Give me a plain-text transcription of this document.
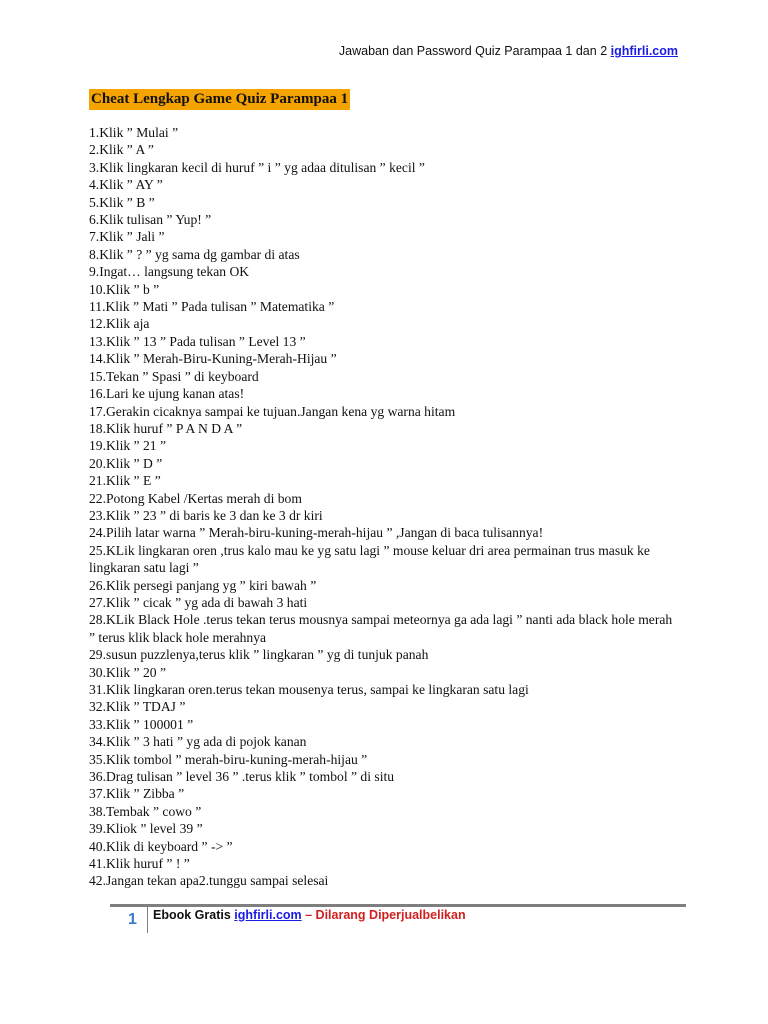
Jawaban dan Password Quiz Parampaa 1 dan 2 ighfirli.com
Cheat Lengkap Game Quiz Parampaa 1
1.Klik ” Mulai ”
2.Klik ” A ”
3.Klik lingkaran kecil di huruf ” i ” yg adaa ditulisan ” kecil ”
4.Klik ” AY ”
5.Klik ” B ”
6.Klik tulisan ” Yup! ”
7.Klik ” Jali ”
8.Klik ” ? ” yg sama dg gambar di atas
9.Ingat… langsung tekan OK
10.Klik ” b ”
11.Klik ” Mati ” Pada tulisan ” Matematika ”
12.Klik aja
13.Klik ” 13 ” Pada tulisan ” Level 13 ”
14.Klik ” Merah-Biru-Kuning-Merah-Hijau ”
15.Tekan ” Spasi ” di keyboard
16.Lari ke ujung kanan atas!
17.Gerakin cicaknya sampai ke tujuan.Jangan kena yg warna hitam
18.Klik huruf ” P A N D A ”
19.Klik ” 21 ”
20.Klik ” D ”
21.Klik ” E ”
22.Potong Kabel /Kertas merah di bom
23.Klik ” 23 ” di baris ke 3 dan ke 3 dr kiri
24.Pilih latar warna ” Merah-biru-kuning-merah-hijau ” ,Jangan di baca tulisannya!
25.KLik lingkaran oren ,trus kalo mau ke yg satu lagi ” mouse keluar dri area permainan trus masuk ke lingkaran satu lagi ”
26.Klik persegi panjang yg ” kiri bawah ”
27.Klik ” cicak ” yg ada di bawah 3 hati
28.KLik Black Hole .terus tekan terus mousnya sampai meteornya ga ada lagi ” nanti ada black hole merah ” terus klik black hole merahnya
29.susun puzzlenya,terus klik ” lingkaran ” yg di tunjuk panah
30.Klik ” 20 ”
31.Klik lingkaran oren.terus tekan mousenya terus, sampai ke lingkaran satu lagi
32.Klik ” TDAJ ”
33.Klik ” 100001 ”
34.Klik ” 3 hati ” yg ada di pojok kanan
35.Klik tombol ” merah-biru-kuning-merah-hijau ”
36.Drag tulisan ” level 36 ” .terus klik ” tombol ” di situ
37.Klik ” Zibba ”
38.Tembak ” cowo ”
39.Kliok ” level 39 ”
40.Klik di keyboard ” -> ”
41.Klik huruf ” ! ”
42.Jangan tekan apa2.tunggu sampai selesai
1 Ebook Gratis ighfirli.com – Dilarang Diperjualbelikan
